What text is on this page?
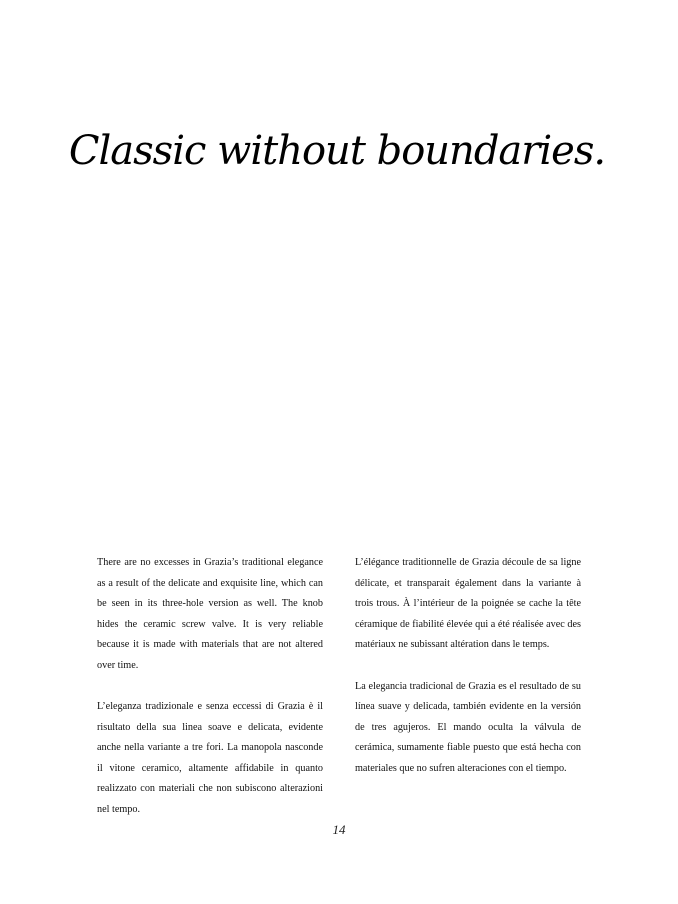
Classic without boundaries.

There are no excesses in Grazia’s traditional elegance as a result of the delicate and exquisite line, which can be seen in its three-hole version as well. The knob hides the ceramic screw valve. It is very reliable because it is made with materials that are not altered over time.

L’eleganza tradizionale e senza eccessi di Grazia è il risultato della sua linea soave e delicata, evidente anche nella variante a tre fori. La manopola nasconde il vitone ceramico, altamente affidabile in quanto realizzato con materiali che non subiscono alterazioni nel tempo.

L’élégance traditionnelle de Grazia découle de sa ligne délicate, et transparait également dans la variante à trois trous. À l’intérieur de la poignée se cache la tête céramique de fiabilité élevée qui a été réalisée avec des matériaux ne subissant altération dans le temps.

La elegancia tradicional de Grazia es el resultado de su línea suave y delicada, también evidente en la versión de tres agujeros. El mando oculta la válvula de cerámica, sumamente fiable puesto que está hecha con materiales que no sufren alteraciones con el tiempo.

14
